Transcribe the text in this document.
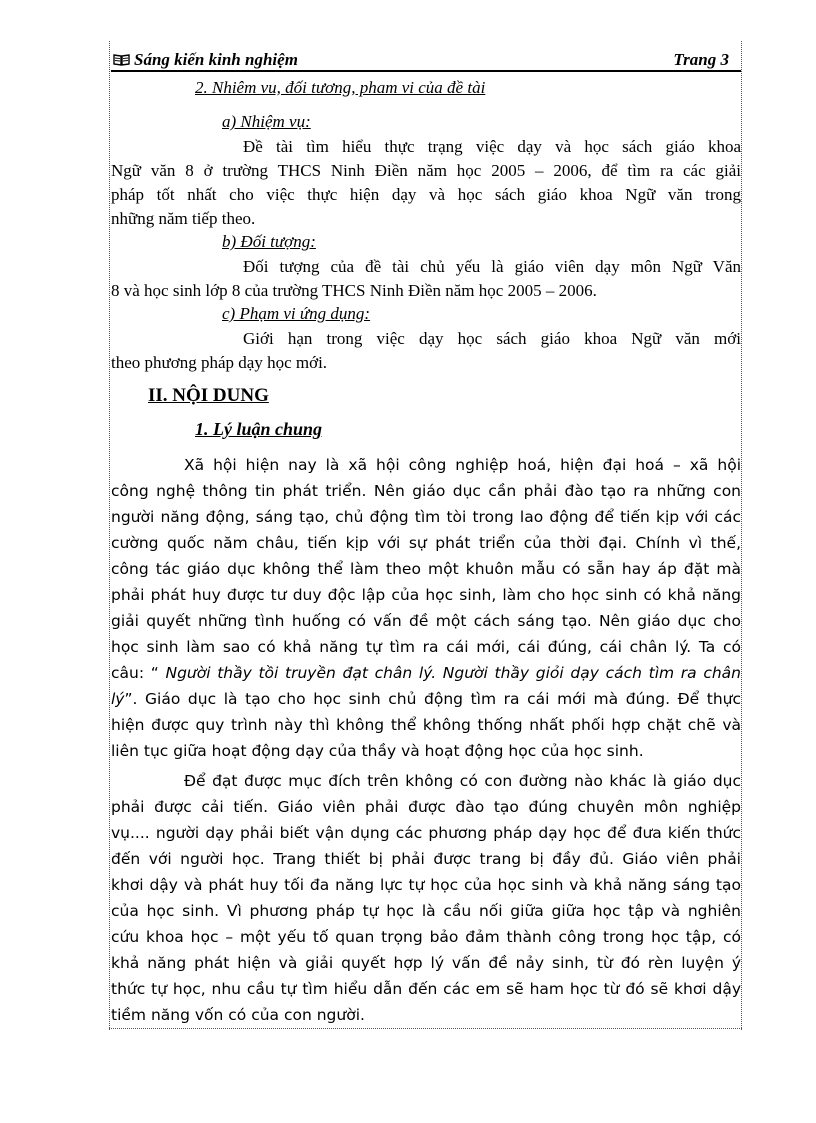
Sáng kiến kinh nghiệm	Trang 3
2. Nhiêm vu, đối tương, pham vi của đề tài
a) Nhiệm vụ:
Đề tài tìm hiểu thực trạng việc dạy và học sách giáo khoa
Ngữ văn 8 ở trường THCS Ninh Điền năm học 2005 – 2006, để tìm ra các giải
pháp tốt nhất cho việc thực hiện dạy và học sách giáo khoa Ngữ văn trong
những năm tiếp theo.
b) Đối tượng:
Đối tượng của đề tài chủ yếu là giáo viên dạy môn Ngữ Văn
8 và học sinh lớp 8 của trường THCS Ninh Điền năm học 2005 – 2006.
c) Phạm vi ứng dụng:
Giới hạn trong việc dạy học sách giáo khoa Ngữ văn mới
theo phương pháp dạy học mới.
II. NỘI DUNG
1. Lý luận chung
Xã hội hiện nay là xã hội công nghiệp hoá, hiện đại hoá – xã hội
công nghệ thông tin phát triển. Nên giáo dục cần phải đào tạo ra những con
người năng động, sáng tạo, chủ động tìm tòi trong lao động để tiến kịp với các
cường quốc năm châu, tiến kịp với sự phát triển của thời đại. Chính vì thế,
công tác giáo dục không thể làm theo một khuôn mẫu có sẵn hay áp đặt mà
phải phát huy được tư duy độc lập của học sinh, làm cho học sinh có khả năng
giải quyết những tình huống có vấn đề một cách sáng tạo. Nên giáo dục cho
học sinh làm sao có khả năng tự tìm ra cái mới, cái đúng, cái chân lý. Ta có
câu: “ Người thầy tồi truyền đạt chân lý. Người thầy giỏi dạy cách tìm ra chân
lý”. Giáo dục là tạo cho học sinh chủ động tìm ra cái mới mà đúng. Để thực
hiện được quy trình này thì không thể không thống nhất phối hợp chặt chẽ và
liên tục giữa hoạt động dạy của thầy và hoạt động học của học sinh.
Để đạt được mục đích trên không có con đường nào khác là giáo dục
phải được cải tiến. Giáo viên phải được đào tạo đúng chuyên môn nghiệp
vụ.... người dạy phải biết vận dụng các phương pháp dạy học để đưa kiến thức
đến với người học. Trang thiết bị phải được trang bị đầy đủ. Giáo viên phải
khơi dậy và phát huy tối đa năng lực tự học của học sinh và khả năng sáng tạo
của học sinh. Vì phương pháp tự học là cầu nối giữa giữa học tập và nghiên
cứu khoa học – một yếu tố quan trọng bảo đảm thành công trong học tập, có
khả năng phát hiện và giải quyết hợp lý vấn đề nảy sinh, từ đó rèn luyện ý
thức tự học, nhu cầu tự tìm hiểu dẫn đến các em sẽ ham học từ đó sẽ khơi dậy
tiềm năng vốn có của con người.
